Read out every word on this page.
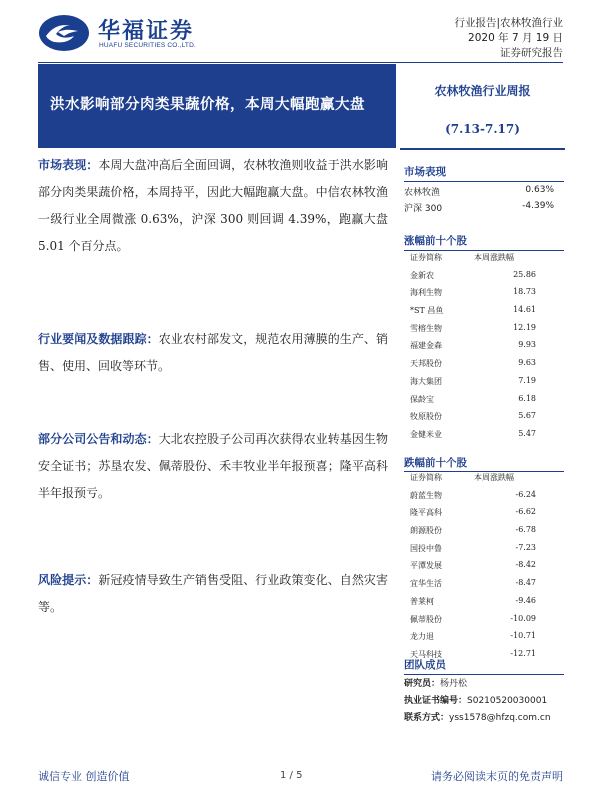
华福证券
HUAFU SECURITIES CO.,LTD.
行业报告|农林牧渔行业
2020 年 7 月 19 日
证券研究报告
洪水影响部分肉类果蔬价格，本周大幅跑赢大盘
农林牧渔行业周报
(7.13-7.17)
市场表现：本周大盘冲高后全面回调，农林牧渔则收益于洪水影响部分肉类果蔬价格，本周持平，因此大幅跑赢大盘。中信农林牧渔一级行业全周微涨 0.63%，沪深 300 则回调 4.39%，跑赢大盘 5.01 个百分点。
行业要闻及数据跟踪：农业农村部发文，规范农用薄膜的生产、销售、使用、回收等环节。
部分公司公告和动态：大北农控股子公司再次获得农业转基因生物安全证书；苏垦农发、佩蒂股份、禾丰牧业半年报预喜；隆平高科半年报预亏。
风险提示：新冠疫情导致生产销售受阻、行业政策变化、自然灾害等。
市场表现
农林牧渔	0.63%
沪深 300	-4.39%
涨幅前十个股
证券简称	本周涨跌幅
金新农	25.86
海利生物	18.73
*ST 昌鱼	14.61
雪榕生物	12.19
福建金森	9.93
天邦股份	9.63
海大集团	7.19
保龄宝	6.18
牧原股份	5.67
金健米业	5.47
跌幅前十个股
证券简称	本周涨跌幅
蔚蓝生物	-6.24
隆平高科	-6.62
朗源股份	-6.78
国投中鲁	-7.23
平潭发展	-8.42
宜华生活	-8.47
普莱柯	-9.46
佩蒂股份	-10.09
龙力退	-10.71
天马科技	-12.71
团队成员
研究员：杨丹松
执业证书编号：S0210520030001
联系方式：yss1578@hfzq.com.cn
诚信专业 创造价值	1 / 5	请务必阅读末页的免责声明
